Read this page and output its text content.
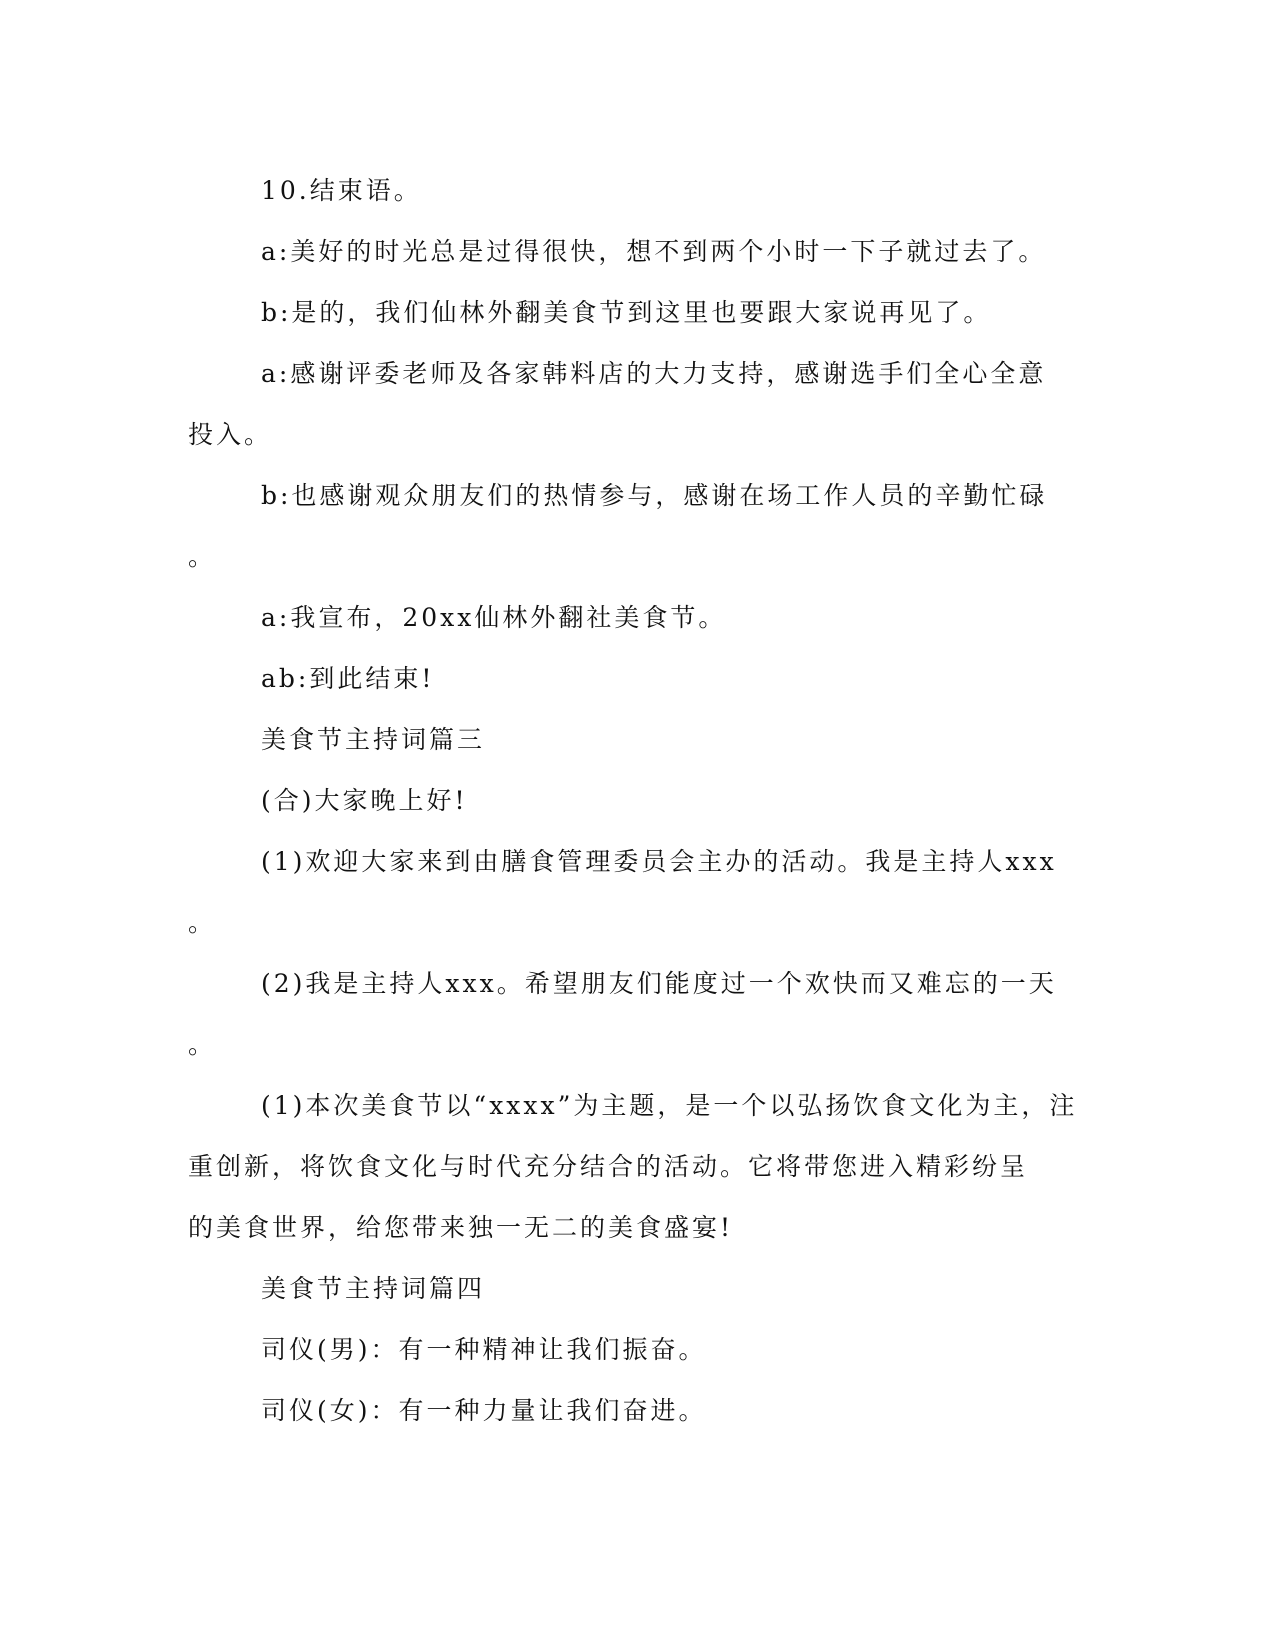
10.结束语。
a:美好的时光总是过得很快，想不到两个小时一下子就过去了。
b:是的，我们仙林外翻美食节到这里也要跟大家说再见了。
a:感谢评委老师及各家韩料店的大力支持，感谢选手们全心全意
投入。
b:也感谢观众朋友们的热情参与，感谢在场工作人员的辛勤忙碌
。
a:我宣布，20xx仙林外翻社美食节。
ab:到此结束!
美食节主持词篇三
(合)大家晚上好!
(1)欢迎大家来到由膳食管理委员会主办的活动。我是主持人xxx
。
(2)我是主持人xxx。希望朋友们能度过一个欢快而又难忘的一天
。
(1)本次美食节以“xxxx”为主题，是一个以弘扬饮食文化为主，注
重创新，将饮食文化与时代充分结合的活动。它将带您进入精彩纷呈
的美食世界，给您带来独一无二的美食盛宴!
美食节主持词篇四
司仪(男)：有一种精神让我们振奋。
司仪(女)：有一种力量让我们奋进。
